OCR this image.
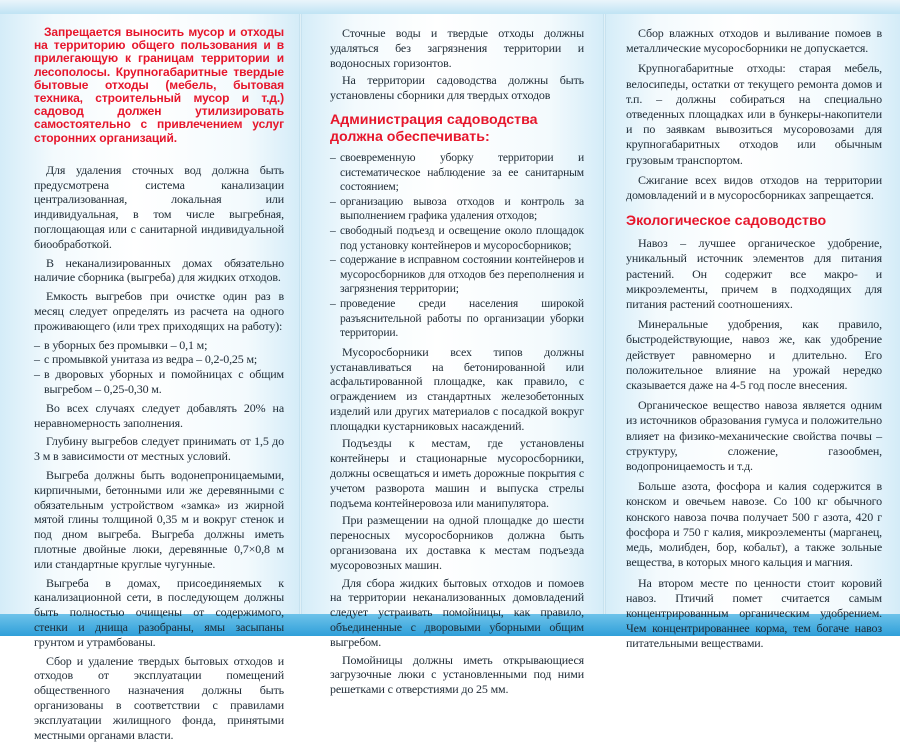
Запрещается выносить мусор и отходы на территорию общего пользования и в прилегающую к границам территории и лесополосы. Крупногабаритные твердые бытовые отходы (мебель, бытовая техника, строительный мусор и т.д.) садовод должен утилизировать самостоятельно с привлечением услуг сторонних организаций.

Для удаления сточных вод должна быть предусмотрена система канализации централизованная, локальная или индивидуальная, в том числе выгребная, поглощающая или с санитарной индивидуальной биообработкой.

В неканализированных домах обязательно наличие сборника (выгреба) для жидких отходов.

Емкость выгребов при очистке один раз в месяц следует определять из расчета на одного проживающего (или трех приходящих на работу):

– в уборных без промывки – 0,1 м;
– с промывкой унитаза из ведра – 0,2-0,25 м;
– в дворовых уборных и помойницах с общим выгребом – 0,25-0,30 м.

Во всех случаях следует добавлять 20% на неравномерность заполнения.

Глубину выгребов следует принимать от 1,5 до 3 м в зависимости от местных условий.

Выгреба должны быть водонепроницаемыми, кирпичными, бетонными или же деревянными с обязательным устройством «замка» из жирной мятой глины толщиной 0,35 м и вокруг стенок и под дном выгреба. Выгреба должны иметь плотные двойные люки, деревянные 0,7×0,8 м или стандартные круглые чугунные.

Выгреба в домах, присоединяемых к канализационной сети, в последующем должны быть полностью очищены от содержимого, стенки и днища разобраны, ямы засыпаны грунтом и утрамбованы.

Сбор и удаление твердых бытовых отходов и отходов от эксплуатации помещений общественного назначения должны быть организованы в соответствии с правилами эксплуатации жилищного фонда, принятыми местными органами власти.

Сточные воды и твердые отходы должны удаляться без загрязнения территории и водоносных горизонтов.

На территории садоводства должны быть установлены сборники для твердых отходов

Администрация садоводства должна обеспечивать:
– своевременную уборку территории и систематическое наблюдение за ее санитарным состоянием;
– организацию вывоза отходов и контроль за выполнением графика удаления отходов;
– свободный подъезд и освещение около площадок под установку контейнеров и мусоросборников;
– содержание в исправном состоянии контейнеров и мусоросборников для отходов без переполнения и загрязнения территории;
– проведение среди населения широкой разъяснительной работы по организации уборки территории.

Мусоросборники всех типов должны устанавливаться на бетонированной или асфальтированной площадке, как правило, с ограждением из стандартных железобетонных изделий или других материалов с посадкой вокруг площадки кустарниковых насаждений.

Подъезды к местам, где установлены контейнеры и стационарные мусоросборники, должны освещаться и иметь дорожные покрытия с учетом разворота машин и выпуска стрелы подъема контейнеровоза или манипулятора.

При размещении на одной площадке до шести переносных мусоросборников должна быть организована их доставка к местам подъезда мусоровозных машин.

Для сбора жидких бытовых отходов и помоев на территории неканализованных домовладений следует устраивать помойницы, как правило, объединенные с дворовыми уборными общим выгребом.

Помойницы должны иметь открывающиеся загрузочные люки с установленными под ними решетками с отверстиями до 25 мм.

Сбор влажных отходов и выливание помоев в металлические мусоросборники не допускается.

Крупногабаритные отходы: старая мебель, велосипеды, остатки от текущего ремонта домов и т.п. – должны собираться на специально отведенных площадках или в бункеры-накопители и по заявкам вывозиться мусоровозами для крупногабаритных отходов или обычным грузовым транспортом.

Сжигание всех видов отходов на территории домовладений и в мусоросборниках запрещается.

Экологическое садоводство

Навоз – лучшее органическое удобрение, уникальный источник элементов для питания растений. Он содержит все макро- и микроэлементы, причем в подходящих для питания растений соотношениях.

Минеральные удобрения, как правило, быстродействующие, навоз же, как удобрение действует равномерно и длительно. Его положительное влияние на урожай нередко сказывается даже на 4-5 год после внесения.

Органическое вещество навоза является одним из источников образования гумуса и положительно влияет на физико-механические свойства почвы – структуру, сложение, газообмен, водопроницаемость и т.д.

Больше азота, фосфора и калия содержится в конском и овечьем навозе. Со 100 кг обычного конского навоза почва получает 500 г азота, 420 г фосфора и 750 г калия, микроэлементы (марганец, медь, молибден, бор, кобальт), а также зольные вещества, в которых много кальция и магния.

На втором месте по ценности стоит коровий навоз. Птичий помет считается самым концентрированным органическим удобрением. Чем концентрированнее корма, тем богаче навоз питательными веществами.
